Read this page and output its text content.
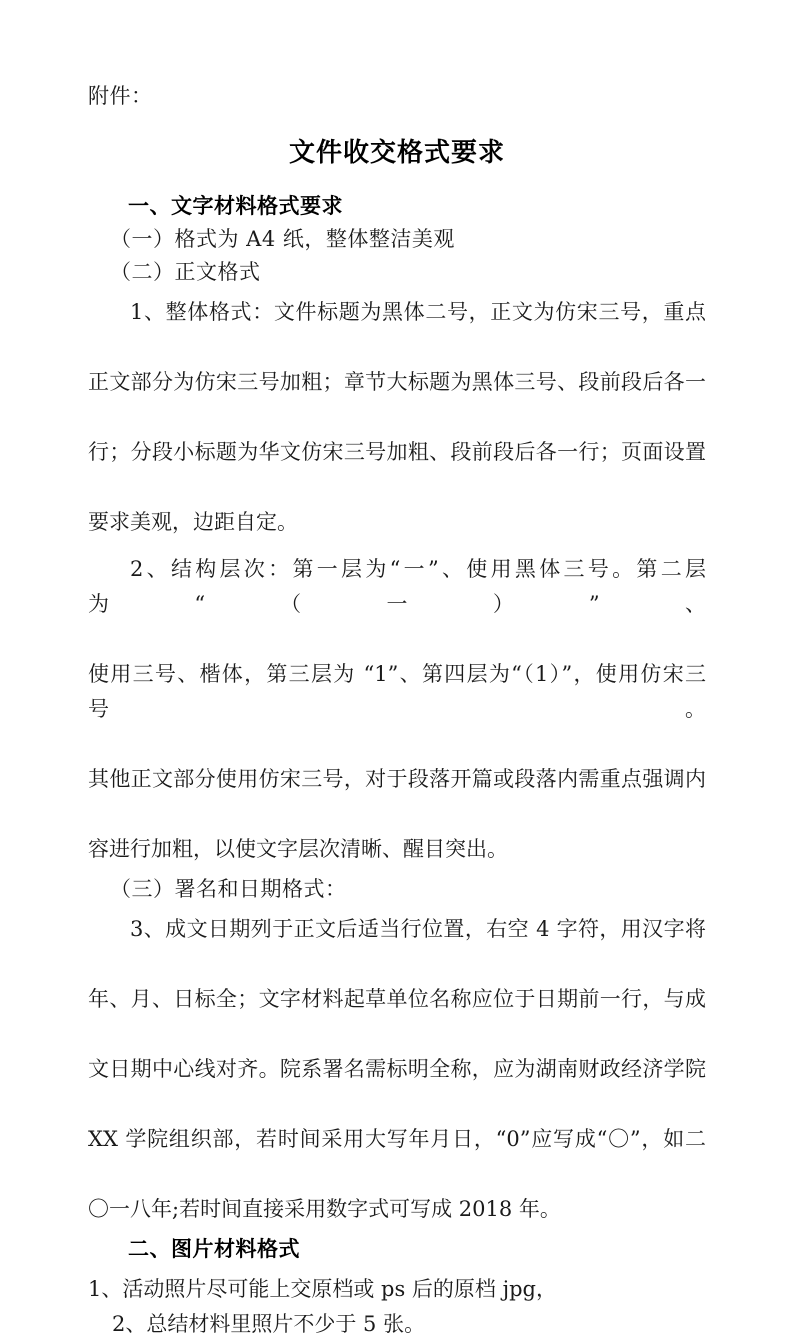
附件：
文件收交格式要求
一、文字材料格式要求
（一）格式为 A4 纸，整体整洁美观
（二）正文格式
1、整体格式：文件标题为黑体二号，正文为仿宋三号，重点
正文部分为仿宋三号加粗；章节大标题为黑体三号、段前段后各一
行；分段小标题为华文仿宋三号加粗、段前段后各一行；页面设置
要求美观，边距自定。
2、结构层次：第一层为“一”、使用黑体三号。第二层为“（一）”、
使用三号、楷体，第三层为 “1”、第四层为“（1）”，使用仿宋三号。
其他正文部分使用仿宋三号，对于段落开篇或段落内需重点强调内
容进行加粗，以使文字层次清晰、醒目突出。
（三）署名和日期格式：
3、成文日期列于正文后适当行位置，右空 4 字符，用汉字将
年、月、日标全；文字材料起草单位名称应位于日期前一行，与成
文日期中心线对齐。院系署名需标明全称，应为湖南财政经济学院
XX 学院组织部，若时间采用大写年月日，“0”应写成“〇”，如二
〇一八年;若时间直接采用数字式可写成 2018 年。
二、图片材料格式
1、活动照片尽可能上交原档或 ps 后的原档 jpg，
2、总结材料里照片不少于 5 张。
